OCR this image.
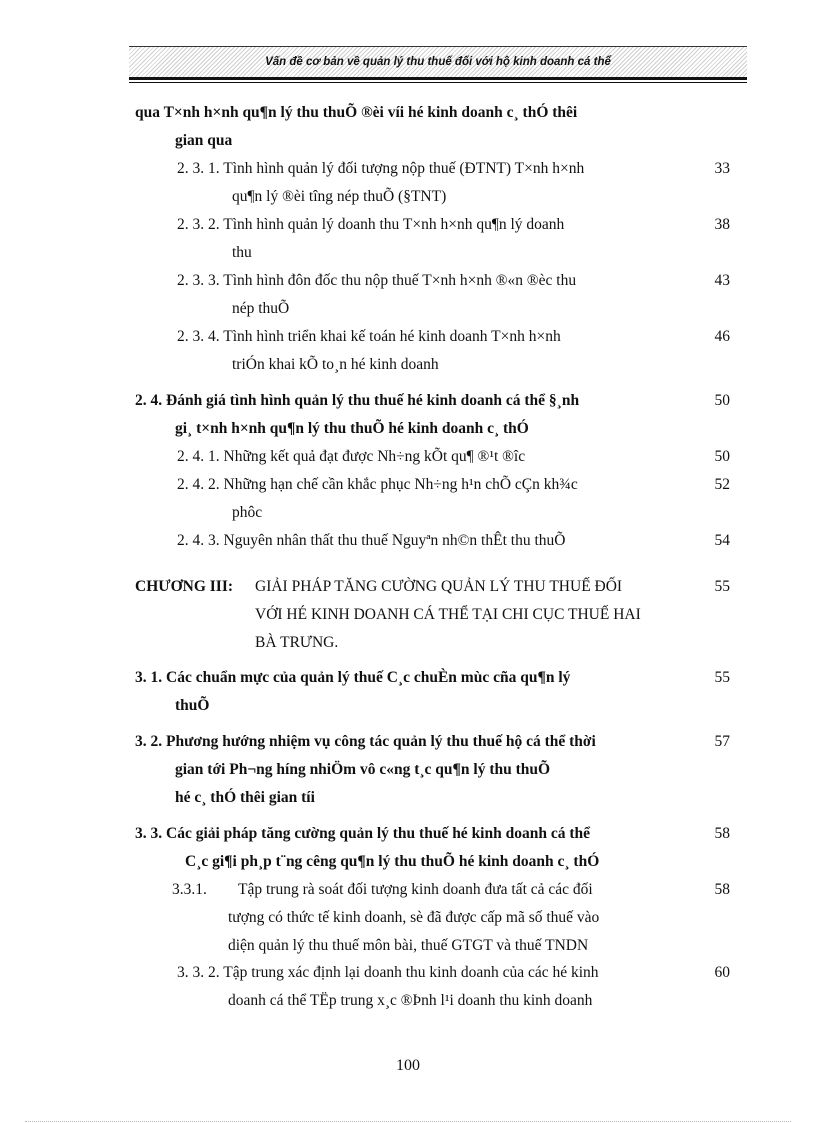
Vấn đề cơ bản về quản lý thu thuế đối với hộ kinh doanh cá thể
qua T×nh h×nh qu¶n lý thu thuÕ ®èi víi hé kinh doanh c¸ thÓ thêi
gian qua
2. 3. 1. Tình hình quản lý đối tượng nộp thuế (ĐTNT) T×nh h×nh
qu¶n lý ®èi tîng nép thuÕ (§TNT)
33
2. 3. 2. Tình hình quản lý doanh thu T×nh h×nh qu¶n lý doanh
thu
38
2. 3. 3. Tình hình đôn đốc thu nộp thuế T×nh h×nh ®«n ®èc thu
nép thuÕ
43
2. 3. 4. Tình hình triển khai kế toán hé kinh doanh T×nh h×nh
triÓn khai kÕ to¸n hé kinh doanh
46
2. 4. Đánh giá tình hình quản lý thu thuế hé kinh doanh cá thể §¸nh
gi¸ t×nh h×nh qu¶n lý thu thuÕ hé kinh doanh c¸ thÓ
50
2. 4. 1. Những kết quả đạt được Nh÷ng kÕt qu¶ ®¹t ®îc	50
2. 4. 2. Những hạn chế cần khắc phục Nh÷ng h¹n chÕ cÇn kh¾c
phôc
52
2. 4. 3. Nguyên nhân thất thu thuế Nguyªn nh©n thÊt thu thuÕ	54
CHƯƠNG III: GIẢI PHÁP TĂNG CƯỜNG QUẢN LÝ THU THUẾ ĐỐI
VỚI HÉ KINH DOANH CÁ THỂ TẠI CHI CỤC THUẾ HAI
BÀ TRƯNG.
55
3. 1. Các chuẩn mực của quản lý thuế C¸c chuÈn mùc cña qu¶n lý
thuÕ
55
3. 2. Phương hướng nhiệm vụ công tác quản lý thu thuế hộ cá thể thời
gian tới Ph¬ng híng nhiÖm vô c«ng t¸c qu¶n lý thu thuÕ
hé c¸ thÓ thêi gian tíi
57
3. 3. Các giải pháp tăng cường quản lý thu thuế hé kinh doanh cá thể
C¸c gi¶i ph¸p t¨ng cêng qu¶n lý thu thuÕ hé kinh doanh c¸ thÓ
58
3.3.1. Tập trung rà soát đối tượng kinh doanh đưa tất cả các đối
tượng có thức tế kinh doanh, sè đã được cấp mã số thuế vào
diện quản lý thu thuế môn bài, thuế GTGT và thuế TNDN
58
3. 3. 2. Tập trung xác định lại doanh thu kinh doanh của các hé kinh
doanh cá thể TËp trung x¸c ®Þnh l¹i doanh thu kinh doanh
60
100
